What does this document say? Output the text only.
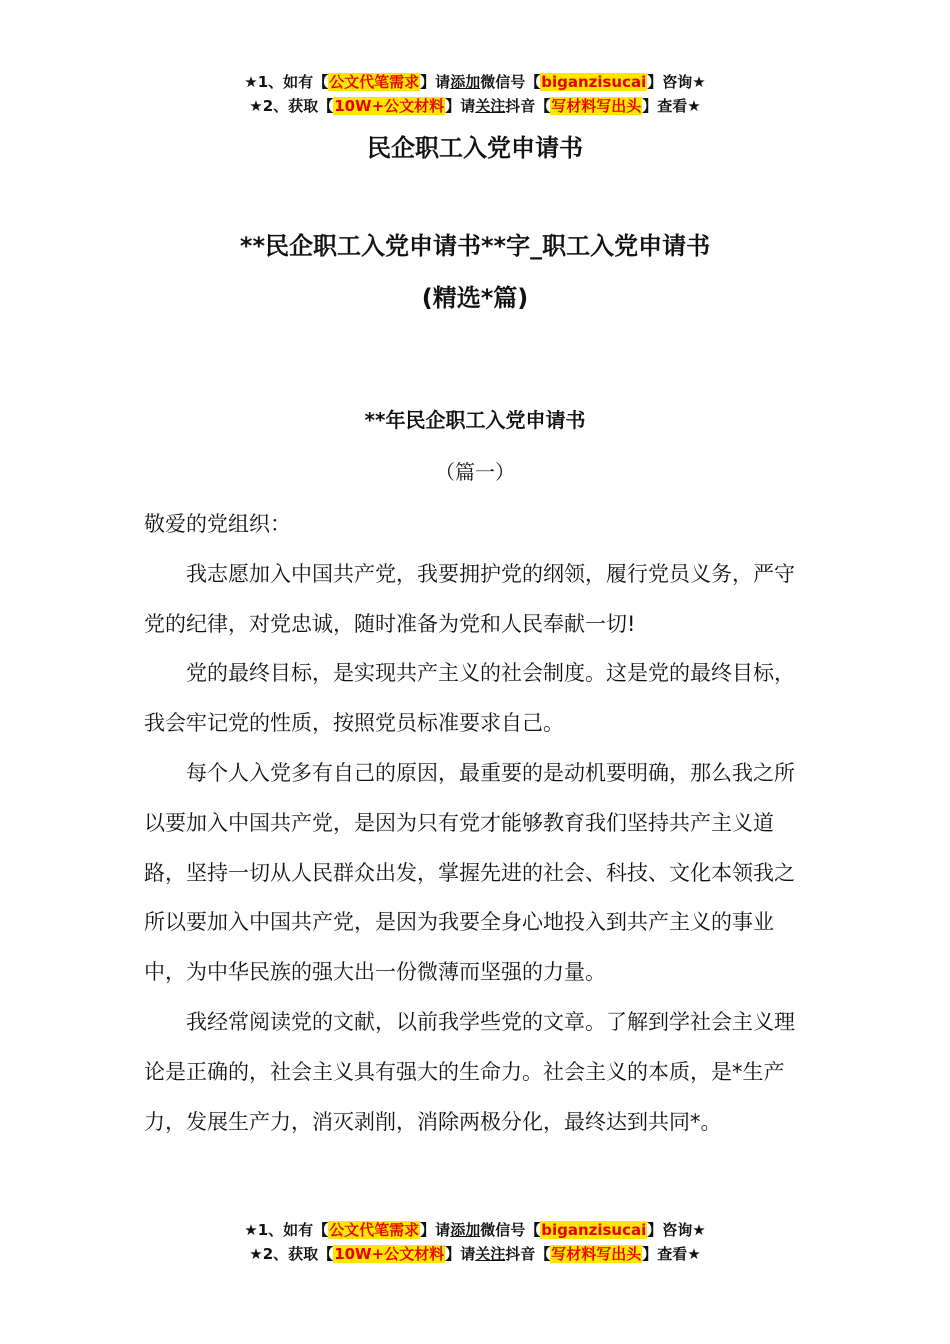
★1、如有【公文代笔需求】请添加微信号【biganzisucai】咨询★
★2、获取【10W+公文材料】请关注抖音【写材料写出头】查看★
民企职工入党申请书
**民企职工入党申请书**字_职工入党申请书
(精选*篇)
**年民企职工入党申请书
（篇一）

敬爱的党组织：

我志愿加入中国共产党，我要拥护党的纲领，履行党员义务，严守党的纪律，对党忠诚，随时准备为党和人民奉献一切!

党的最终目标，是实现共产主义的社会制度。这是党的最终目标，我会牢记党的性质，按照党员标准要求自己。

每个人入党多有自己的原因，最重要的是动机要明确，那么我之所以要加入中国共产党，是因为只有党才能够教育我们坚持共产主义道路，坚持一切从人民群众出发，掌握先进的社会、科技、文化本领我之所以要加入中国共产党，是因为我要全身心地投入到共产主义的事业中，为中华民族的强大出一份微薄而坚强的力量。

我经常阅读党的文献，以前我学些党的文章。了解到学社会主义理论是正确的，社会主义具有强大的生命力。社会主义的本质，是*生产力，发展生产力，消灭剥削，消除两极分化，最终达到共同*。

★1、如有【公文代笔需求】请添加微信号【biganzisucai】咨询★
★2、获取【10W+公文材料】请关注抖音【写材料写出头】查看★
